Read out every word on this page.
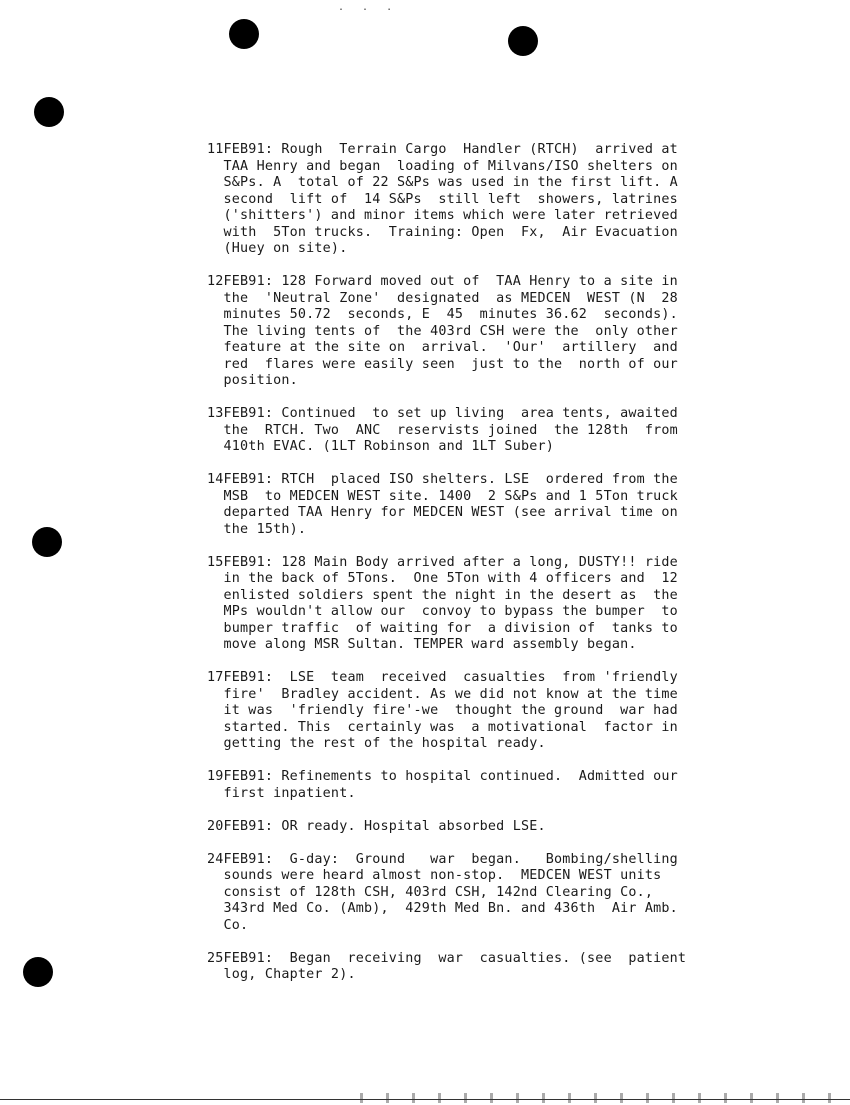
. . .
11FEB91: Rough  Terrain Cargo  Handler (RTCH)  arrived at
TAA Henry and began  loading of Milvans/ISO shelters on
S&Ps. A  total of 22 S&Ps was used in the first lift. A
second  lift of  14 S&Ps  still left  showers, latrines
('shitters') and minor items which were later retrieved
with  5Ton trucks.  Training: Open  Fx,  Air Evacuation
(Huey on site).
12FEB91: 128 Forward moved out of  TAA Henry to a site in
the  'Neutral Zone'  designated  as MEDCEN  WEST (N  28
minutes 50.72  seconds, E  45  minutes 36.62  seconds).
The living tents of  the 403rd CSH were the  only other
feature at the site on  arrival.  'Our'  artillery  and
red  flares were easily seen  just to the  north of our
position.
13FEB91: Continued  to set up living  area tents, awaited
the  RTCH. Two  ANC  reservists joined  the 128th  from
410th EVAC. (1LT Robinson and 1LT Suber)
14FEB91: RTCH  placed ISO shelters. LSE  ordered from the
MSB  to MEDCEN WEST site. 1400  2 S&Ps and 1 5Ton truck
departed TAA Henry for MEDCEN WEST (see arrival time on
the 15th).
15FEB91: 128 Main Body arrived after a long, DUSTY!! ride
in the back of 5Tons.  One 5Ton with 4 officers and  12
enlisted soldiers spent the night in the desert as  the
MPs wouldn't allow our  convoy to bypass the bumper  to
bumper traffic  of waiting for  a division of  tanks to
move along MSR Sultan. TEMPER ward assembly began.
17FEB91:  LSE  team  received  casualties  from 'friendly
fire'  Bradley accident. As we did not know at the time
it was  'friendly fire'-we  thought the ground  war had
started. This  certainly was  a motivational  factor in
getting the rest of the hospital ready.
19FEB91: Refinements to hospital continued.  Admitted our
first inpatient.
20FEB91: OR ready. Hospital absorbed LSE.
24FEB91:  G-day:  Ground   war  began.   Bombing/shelling
sounds were heard almost non-stop.  MEDCEN WEST units
consist of 128th CSH, 403rd CSH, 142nd Clearing Co.,
343rd Med Co. (Amb),  429th Med Bn. and 436th  Air Amb.
Co.
25FEB91:  Began  receiving  war  casualties. (see  patient
log, Chapter 2).
